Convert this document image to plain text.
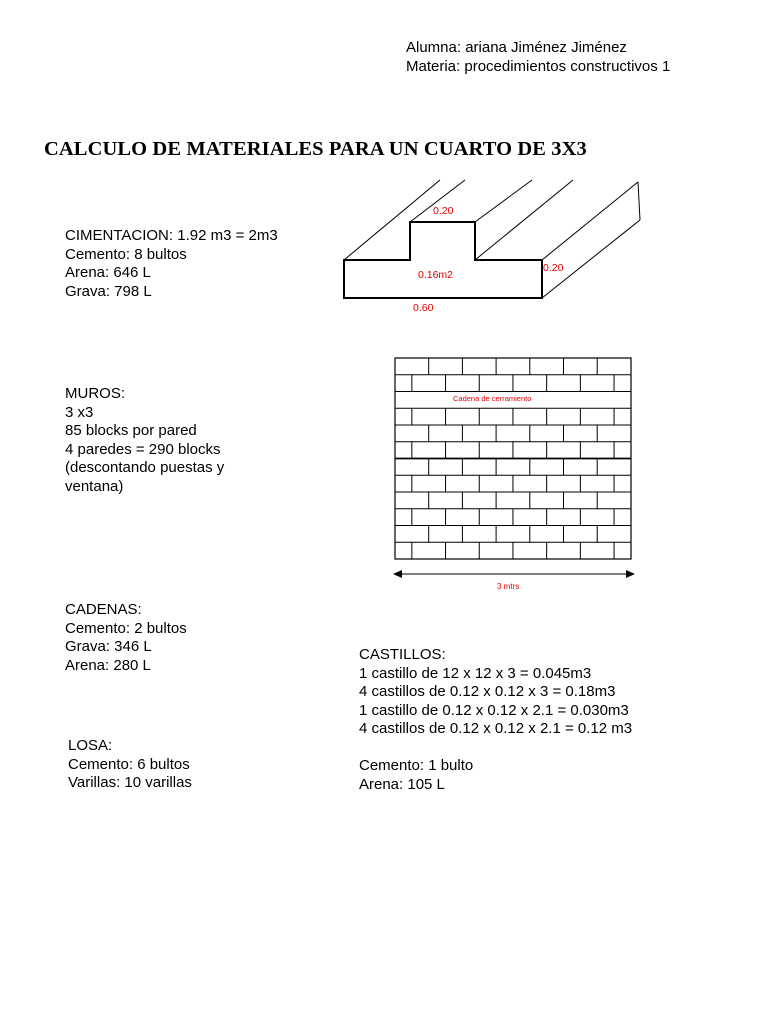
Alumna: ariana Jiménez Jiménez
Materia: procedimientos constructivos 1
CALCULO DE MATERIALES PARA UN CUARTO DE 3X3
CIMENTACION: 1.92 m3 = 2m3
Cemento: 8 bultos
Arena: 646 L
Grava: 798 L
0.20
0.20
0.16m2
0.60
MUROS:
3 x3
85 blocks por pared
4 paredes = 290 blocks
(descontando puestas y
ventana)
Cadena de cerramiento
3 mtrs
CADENAS:
Cemento: 2 bultos
Grava: 346 L
Arena: 280 L
CASTILLOS:
1 castillo de 12 x 12 x 3 = 0.045m3
4 castillos de 0.12 x 0.12 x 3 = 0.18m3
1 castillo de 0.12 x 0.12 x 2.1 = 0.030m3
4 castillos de 0.12 x 0.12 x 2.1 = 0.12 m3
Cemento: 1 bulto
Arena: 105 L
LOSA:
Cemento: 6 bultos
Varillas: 10 varillas
